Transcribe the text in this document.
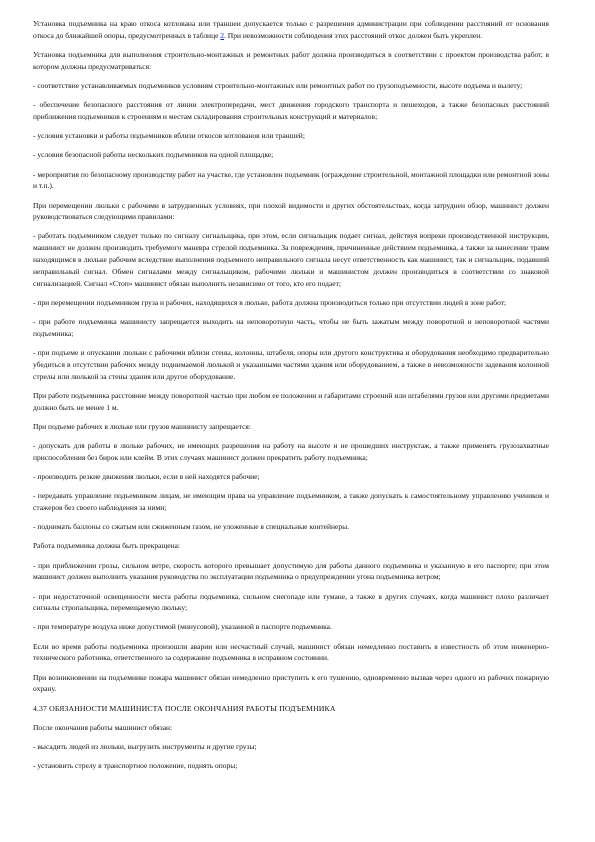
Установка подъемника на краю откоса котлована или траншеи допускается только с разрешения администрации при соблюдении расстояний от основания откоса до ближайшей опоры, предусмотренных в таблице 2. При невозможности соблюдения этих расстояний откос должен быть укреплен.

Установка подъемника для выполнения строительно-монтажных и ремонтных работ должна производиться в соответствии с проектом производства работ, в котором должны предусматриваться:

- соответствие устанавливаемых подъемников условиям строительно-монтажных или ремонтных работ по грузоподъемности, высоте подъема и вылету;

- обеспечение безопасного расстояния от линии электропередачи, мест движения городского транспорта и пешеходов, а также безопасных расстояний приближения подъемников к строениям и местам складирования строительных конструкций и материалов;

- условия установки и работы подъемников вблизи откосов котлованов или траншей;

- условия безопасной работы нескольких подъемников на одной площадке;

- мероприятия по безопасному производству работ на участке, где установлен подъемник (ограждение строительной, монтажной площадки или ремонтной зоны и т.п.).

При перемещении люльки с рабочими в затрудненных условиях, при плохой видимости и других обстоятельствах, когда затруднен обзор, машинист должен руководствоваться следующими правилами:

- работать подъемником следует только по сигналу сигнальщика, при этом, если сигнальщик подает сигнал, действуя вопреки производственной инструкции, машинист не должен производить требуемого маневра стрелой подъемника. За повреждения, причиненные действием подъемника, а также за нанесение травм находящимся в люльке рабочим вследствие выполнения подъемного неправильного сигнала несут ответственность как машинист, так и сигнальщик, подавший неправильный сигнал. Обмен сигналами между сигнальщиком, рабочими люльки и машинистом должен производиться в соответствии со знаковой сигнализацией. Сигнал «Стоп» машинист обязан выполнить независимо от того, кто его подает;

- при перемещении подъемником груза и рабочих, находящихся в люльке, работа должна производиться только при отсутствии людей в зоне работ;

- при работе подъемника машинисту запрещается выходить на неповоротную часть, чтобы не быть зажатым между поворотной и неповоротной частями подъемника;

- при подъеме и опускании люльки с рабочими вблизи стены, колонны, штабеля, опоры или другого конструктива и оборудования необходимо предварительно убедиться в отсутствии рабочих между поднимаемой люлькой и указанными частями здания или оборудованием, а также в невозможности задевания колонной стрелы или люлькой за стены здания или другое оборудование.

При работе подъемника расстояние между поворотной частью при любом ее положении и габаритами строений или штабелями грузов или другими предметами должно быть не менее 1 м.

При подъеме рабочих в люльке или грузов машинисту запрещается:

- допускать для работы в люльке рабочих, не имеющих разрешения на работу на высоте и не прошедших инструктаж, а также применять грузозахватные приспособления без бирок или клейм. В этих случаях машинист должен прекратить работу подъемника;

- производить резкие движения люльки, если в ней находятся рабочие;

- передавать управление подъемником лицам, не имеющим права на управление подъемником, а также допускать к самостоятельному управлению учеников и стажеров без своего наблюдения за ними;

- поднимать баллоны со сжатым или сжиженным газом, не уложенные в специальные контейнеры.

Работа подъемника должна быть прекращена:

- при приближении грозы, сильном ветре, скорость которого превышает допустимую для работы данного подъемника и указанную в его паспорте; при этом машинист должен выполнить указания руководства по эксплуатации подъемника о предупреждении угона подъемника ветром;

- при недостаточной освещенности места работы подъемника, сильном снегопаде или тумане, а также в других случаях, когда машинист плохо различает сигналы стропальщика, перемещаемую люльку;

- при температуре воздуха ниже допустимой (минусовой), указанной в паспорте подъемника.

Если во время работы подъемника произошли аварии или несчастный случай, машинист обязан немедленно поставить в известность об этом инженерно-технического работника, ответственного за содержание подъемника в исправном состоянии.

При возникновении на подъемнике пожара машинист обязан немедленно приступить к его тушению, одновременно вызвав через одного из рабочих пожарную охрану.

4.37 ОБЯЗАННОСТИ МАШИНИСТА ПОСЛЕ ОКОНЧАНИЯ РАБОТЫ ПОДЪЕМНИКА

После окончания работы машинист обязан:

- высадить людей из люльки, выгрузить инструменты и другие грузы;

- установить стрелу в транспортное положение, поднять опоры;
